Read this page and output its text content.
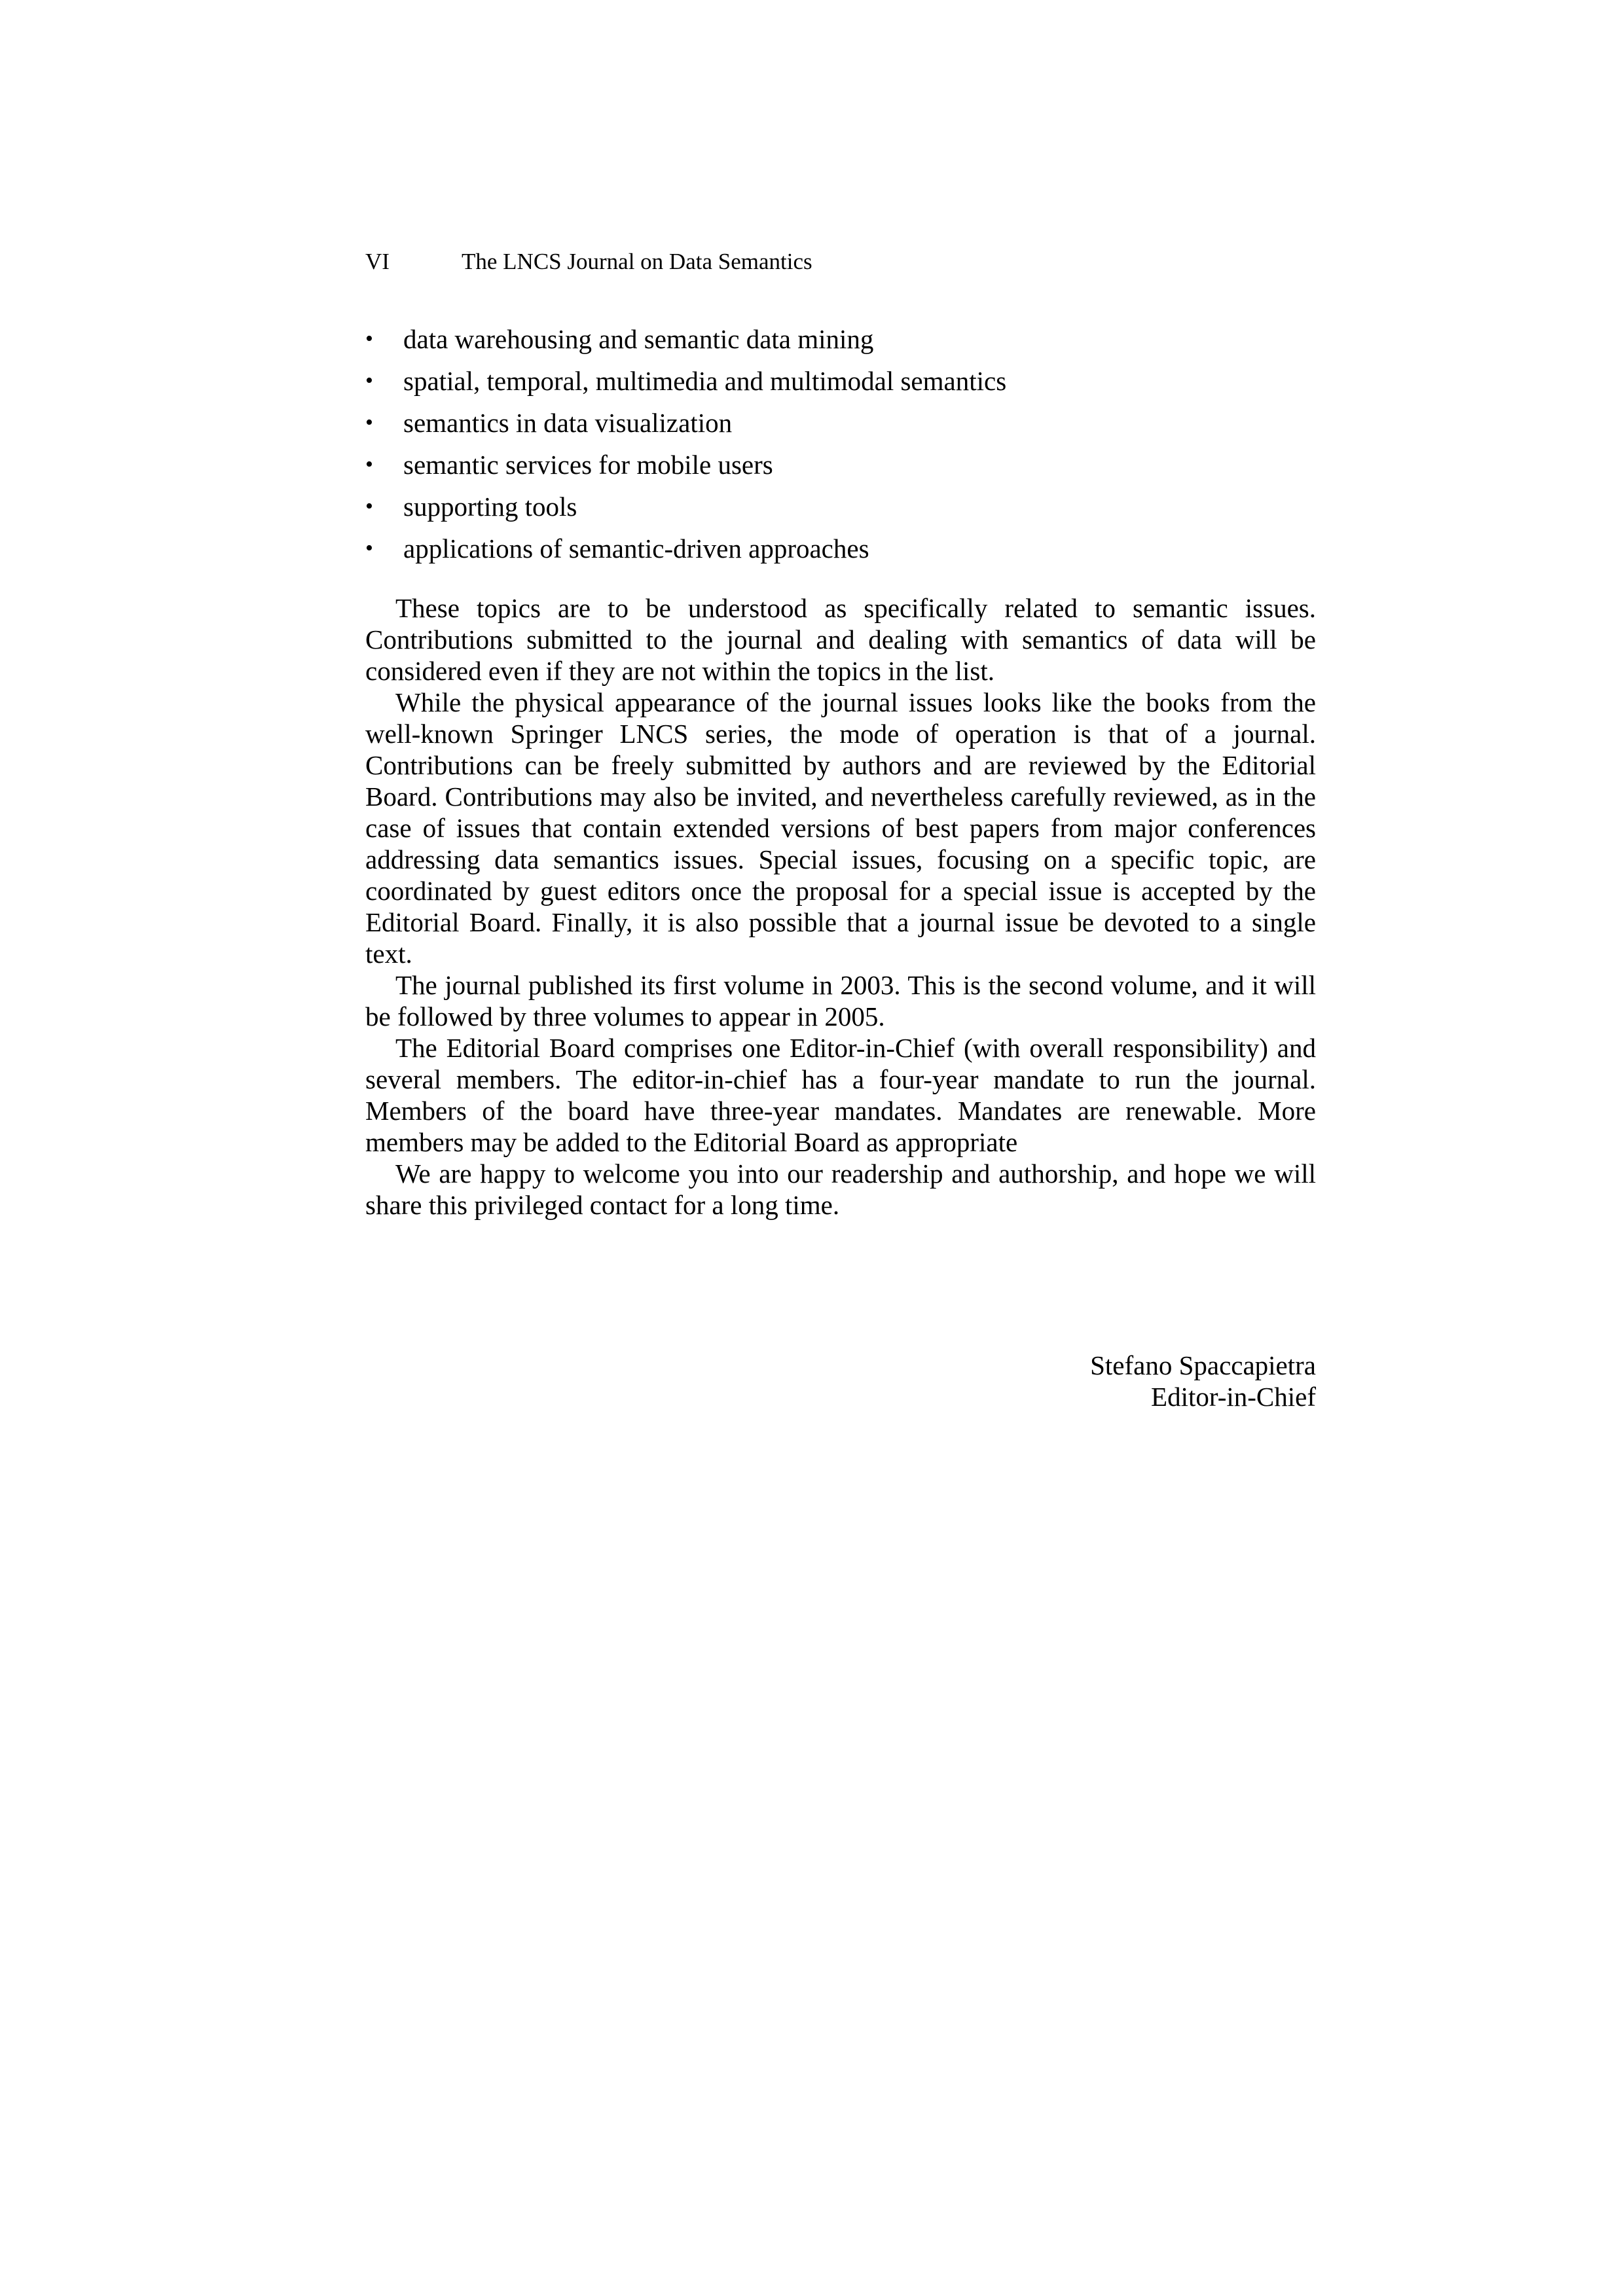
VI	The LNCS Journal on Data Semantics
• data warehousing and semantic data mining
• spatial, temporal, multimedia and multimodal semantics
• semantics in data visualization
• semantic services for mobile users
• supporting tools
• applications of semantic-driven approaches

These topics are to be understood as specifically related to semantic issues. Contributions submitted to the journal and dealing with semantics of data will be considered even if they are not within the topics in the list.

While the physical appearance of the journal issues looks like the books from the well-known Springer LNCS series, the mode of operation is that of a journal. Contributions can be freely submitted by authors and are reviewed by the Editorial Board. Contributions may also be invited, and nevertheless carefully reviewed, as in the case of issues that contain extended versions of best papers from major conferences addressing data semantics issues. Special issues, focusing on a specific topic, are coordinated by guest editors once the proposal for a special issue is accepted by the Editorial Board. Finally, it is also possible that a journal issue be devoted to a single text.

The journal published its first volume in 2003. This is the second volume, and it will be followed by three volumes to appear in 2005.

The Editorial Board comprises one Editor-in-Chief (with overall responsibility) and several members. The editor-in-chief has a four-year mandate to run the journal. Members of the board have three-year mandates. Mandates are renewable. More members may be added to the Editorial Board as appropriate

We are happy to welcome you into our readership and authorship, and hope we will share this privileged contact for a long time.

Stefano Spaccapietra
Editor-in-Chief
